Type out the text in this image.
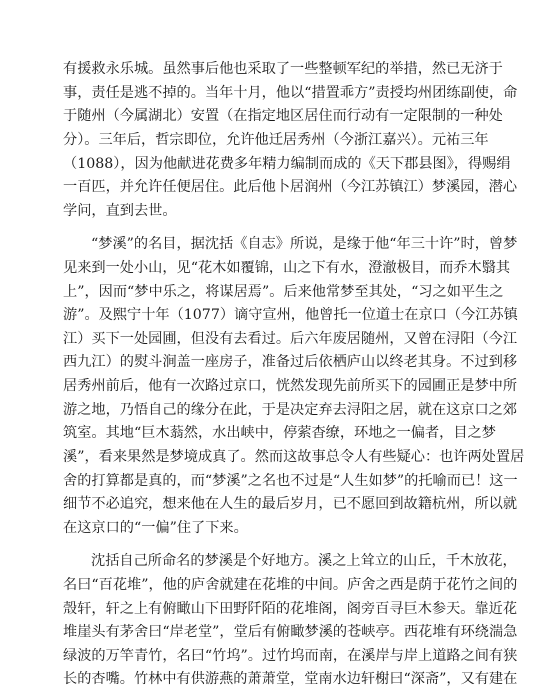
有援救永乐城。虽然事后他也采取了一些整顿军纪的举措，然已无济于
事，责任是逃不掉的。当年十月，他以“措置乖方”责授均州团练副使，命
于随州（今属湖北）安置（在指定地区居住而行动有一定限制的一种处
分）。三年后，哲宗即位，允许他迁居秀州（今浙江嘉兴）。元祐三年
（1088），因为他献进花费多年精力编制而成的《天下郡县图》，得赐绢
一百匹，并允许任便居住。此后他卜居润州（今江苏镇江）梦溪园，潜心
学问，直到去世。
“梦溪”的名目，据沈括《自志》所说，是缘于他“年三十许”时，曾梦
见来到一处小山，见“花木如覆锦，山之下有水，澄澈极目，而乔木翳其
上”，因而“梦中乐之，将谋居焉”。后来他常梦至其处，“习之如平生之
游”。及熙宁十年（1077）谪守宣州，他曾托一位道士在京口（今江苏镇
江）买下一处园圃，但没有去看过。后六年废居随州，又曾在浔阳（今江
西九江）的熨斗涧盖一座房子，准备过后依栖庐山以终老其身。不过到移
居秀州前后，他有一次路过京口，恍然发现先前所买下的园圃正是梦中所
游之地，乃悟自己的缘分在此，于是决定弃去浔阳之居，就在这京口之郊
筑室。其地“巨木蓊然，水出峡中，停萦杳缭，环地之一偏者，目之梦
溪”，看来果然是梦境成真了。然而这故事总令人有些疑心：也许两处置居
舍的打算都是真的，而“梦溪”之名也不过是“人生如梦”的托喻而已！这一
细节不必追究，想来他在人生的最后岁月，已不愿回到故籍杭州，所以就
在这京口的“一偏”住了下来。
沈括自己所命名的梦溪是个好地方。溪之上耸立的山丘，千木放花，
名曰“百花堆”，他的庐舍就建在花堆的中间。庐舍之西是荫于花竹之间的
殼轩，轩之上有俯瞰山下田野阡陌的花堆阁，阁旁百寻巨木参天。靠近花
堆崖头有茅舍曰“岸老堂”，堂后有俯瞰梦溪的苍峡亭。西花堆有环绕湍急
绿波的万竿青竹，名曰“竹坞”。过竹坞而南，在溪岸与岸上道路之间有狭
长的杏嘴。竹林中有供游燕的萧萧堂，堂南水边轩榭曰“深斋”，又有建在
